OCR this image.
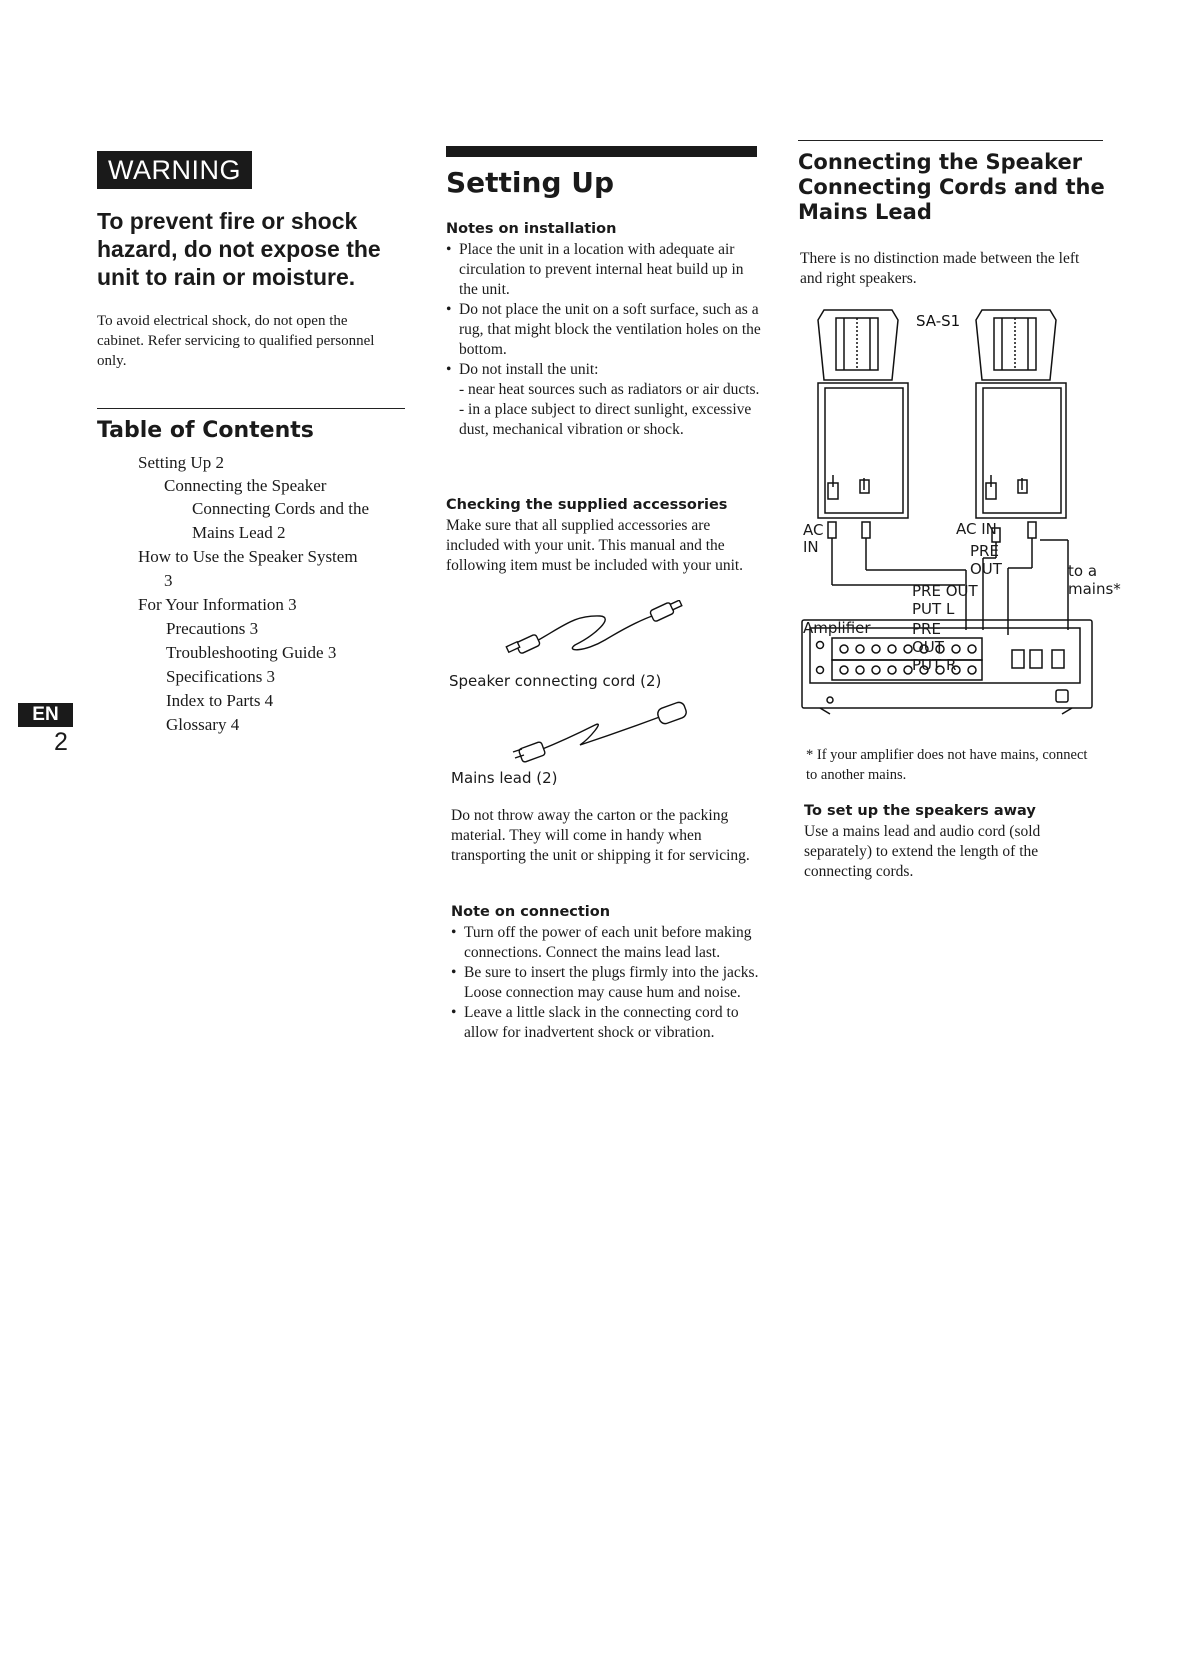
WARNING
To prevent fire or shock hazard, do not expose the unit to rain or moisture.
To avoid electrical shock, do not open the cabinet. Refer servicing to qualified personnel only.
Table of Contents
Setting Up 2
Connecting the Speaker
Connecting Cords and the
Mains Lead 2
How to Use the Speaker System
3
For Your Information 3
Precautions 3
Troubleshooting Guide 3
Specifications 3
Index to Parts 4
Glossary 4
EN
2
Setting Up
Notes on installation
• Place the unit in a location with adequate air circulation to prevent internal heat build up in the unit.
• Do not place the unit on a soft surface, such as a rug, that might block the ventilation holes on the bottom.
• Do not install the unit:
- near heat sources such as radiators or air ducts.
- in a place subject to direct sunlight, excessive dust, mechanical vibration or shock.
Checking the supplied accessories
Make sure that all supplied accessories are included with your unit. This manual and the following item must be included with your unit.
Speaker connecting cord (2)
Mains lead (2)
Do not throw away the carton or the packing material. They will come in handy when transporting the unit or shipping it for servicing.
Note on connection
• Turn off the power of each unit before making connections. Connect the mains lead last.
• Be sure to insert the plugs firmly into the jacks. Loose connection may cause hum and noise.
• Leave a little slack in the connecting cord to allow for inadvertent shock or vibration.
Connecting the Speaker Connecting Cords and the Mains Lead
There is no distinction made between the left and right speakers.
SA-S1
AC IN
AC IN
PRE OUT	to a mains*
PRE OUT PUT L
PRE OUT PUT R
Amplifier
* If your amplifier does not have mains, connect to another mains.
To set up the speakers away
Use a mains lead and audio cord (sold separately) to extend the length of the connecting cords.
